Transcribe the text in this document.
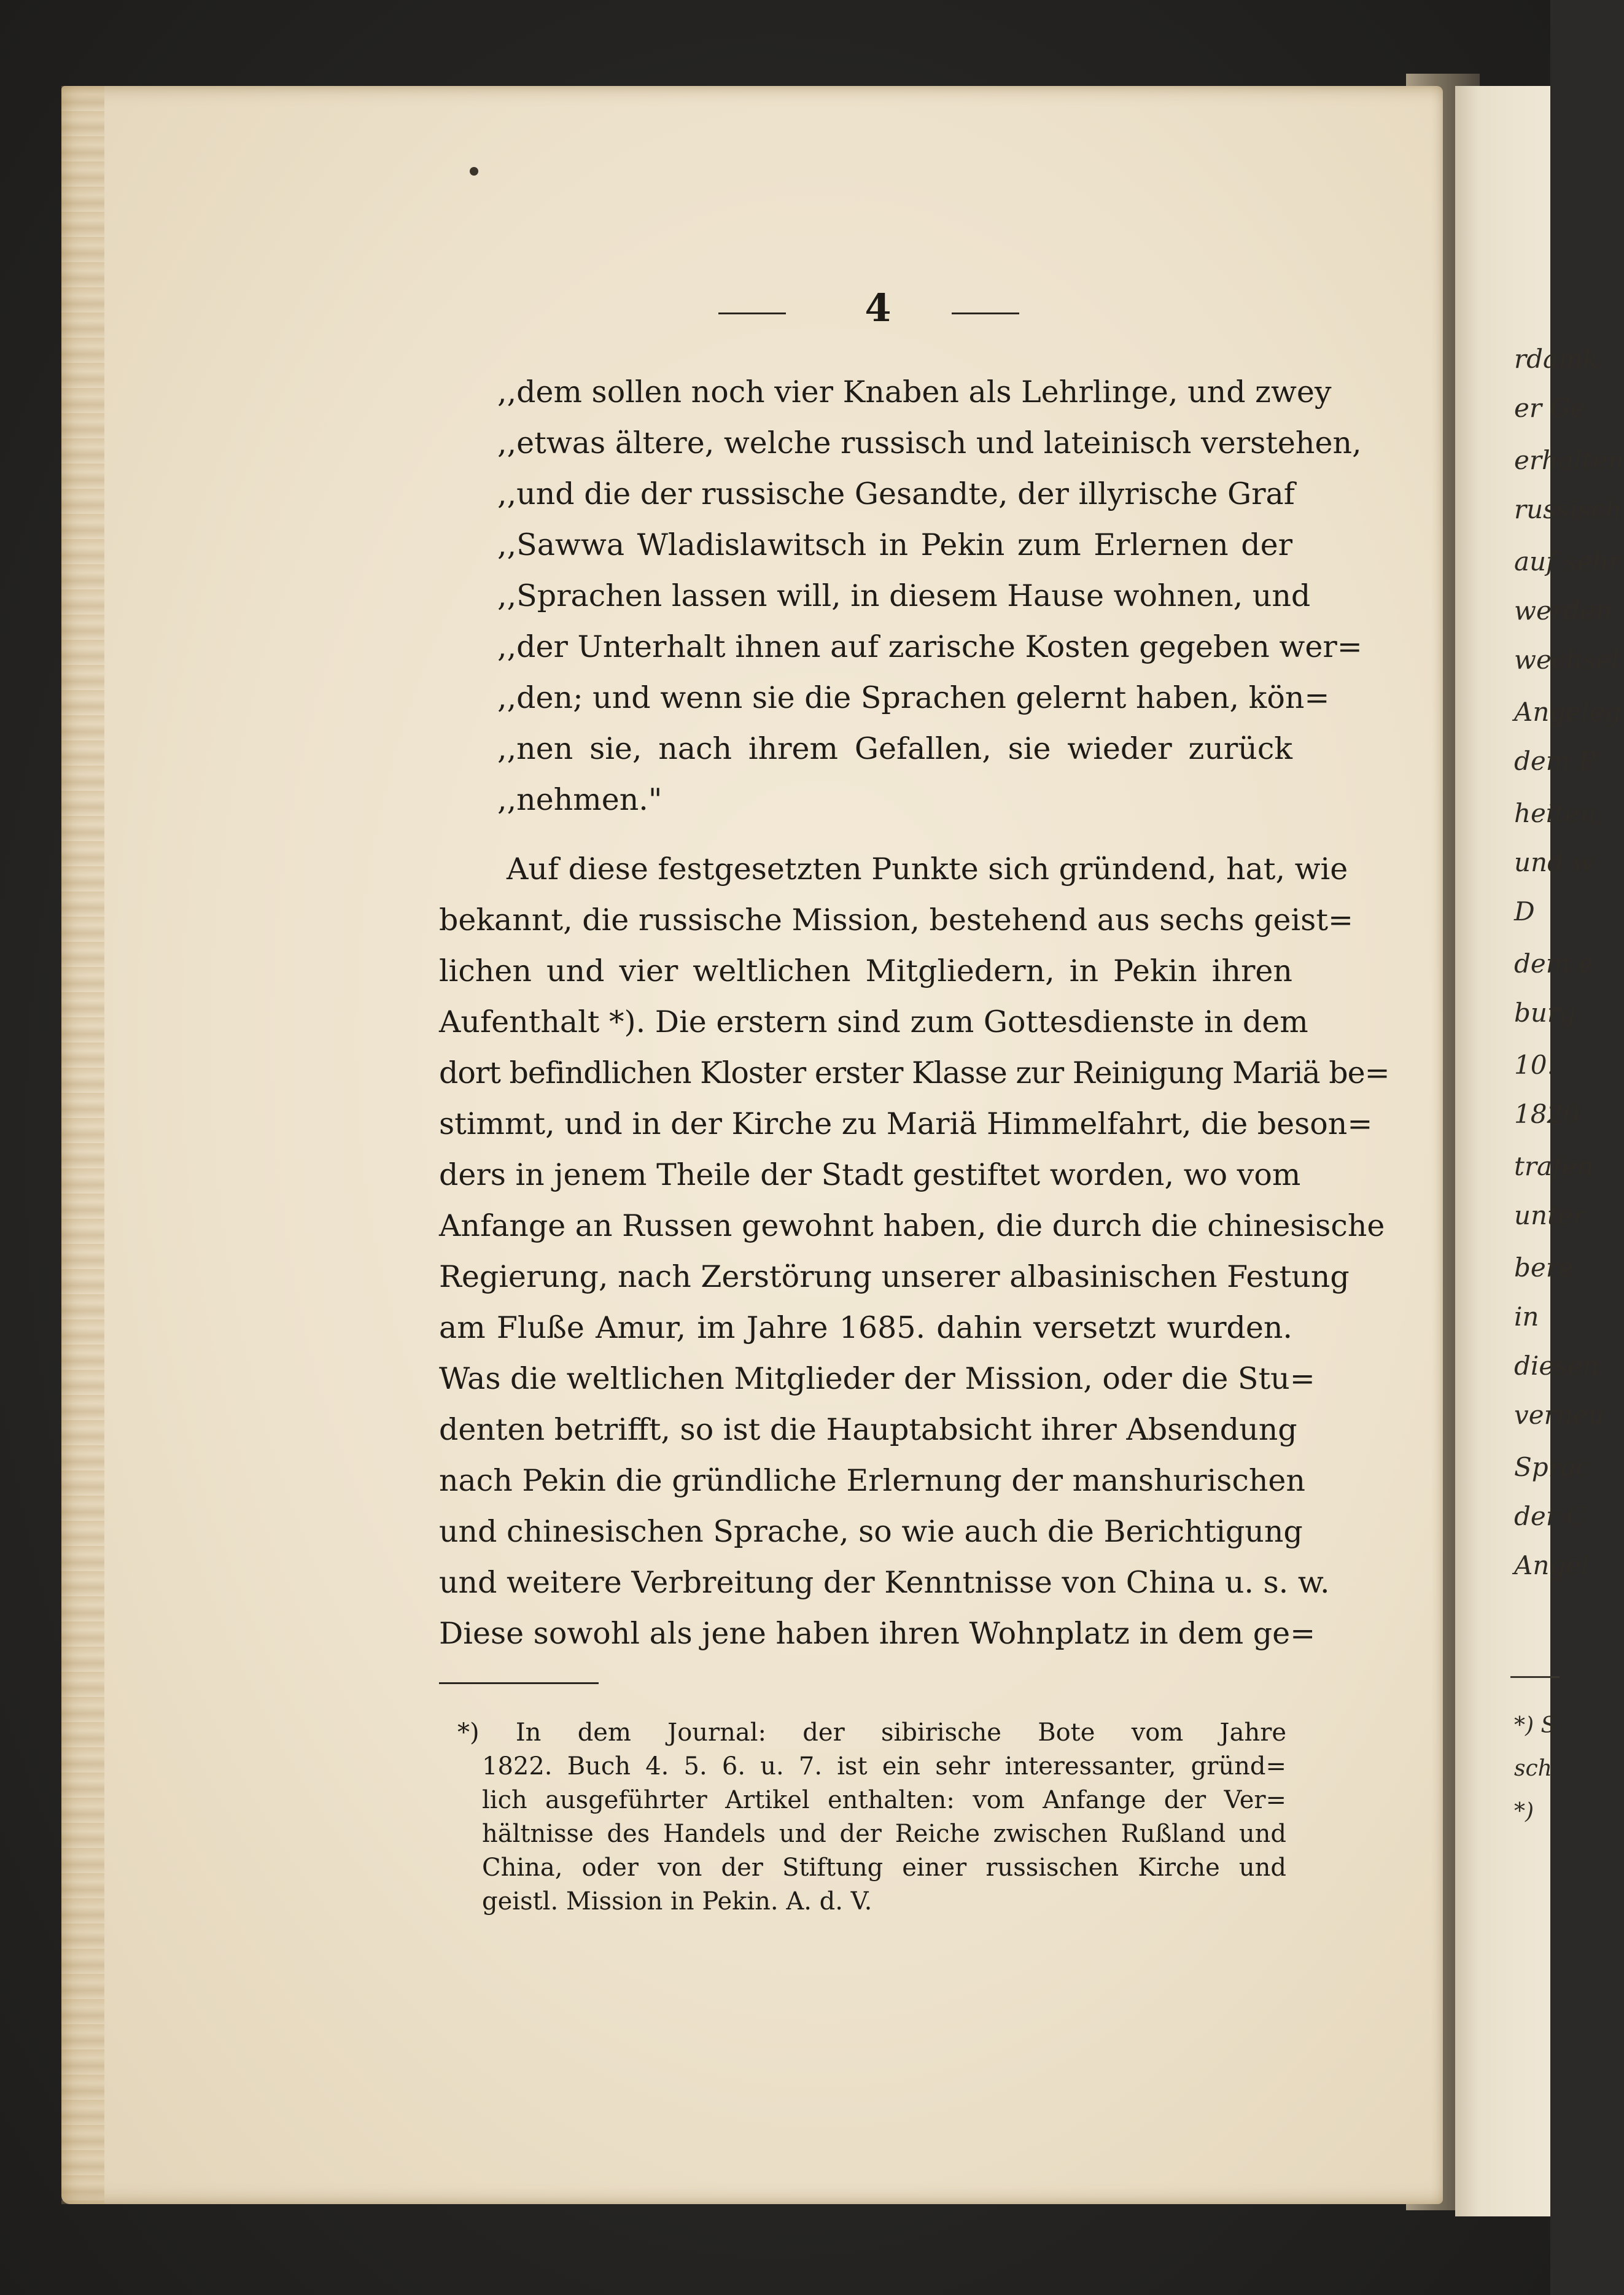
rdamk
er Ge
erhalten
russisch
auf sehr
werden
wechsel
Angeleg
dem P
heiten,
und w
D
dem e
burg
10.
1820
trafen
unter
bere
in
diesen
verneu
Sprac
der C
Angel
*) S
sch
*)
4
,,dem sollen noch vier Knaben als Lehrlinge, und zwey
,,etwas ältere, welche russisch und lateinisch verstehen,
,,und die der russische Gesandte, der illyrische Graf
,,Sawwa Wladislawitsch in Pekin zum Erlernen der
,,Sprachen lassen will, in diesem Hause wohnen, und
,,der Unterhalt ihnen auf zarische Kosten gegeben wer=
,,den; und wenn sie die Sprachen gelernt haben, kön=
,,nen sie, nach ihrem Gefallen, sie wieder zurück
,,nehmen."
Auf diese festgesetzten Punkte sich gründend, hat, wie
bekannt, die russische Mission, bestehend aus sechs geist=
lichen und vier weltlichen Mitgliedern, in Pekin ihren
Aufenthalt *). Die erstern sind zum Gottesdienste in dem
dort befindlichen Kloster erster Klasse zur Reinigung Mariä be=
stimmt, und in der Kirche zu Mariä Himmelfahrt, die beson=
ders in jenem Theile der Stadt gestiftet worden, wo vom
Anfange an Russen gewohnt haben, die durch die chinesische
Regierung, nach Zerstörung unserer albasinischen Festung
am Fluße Amur, im Jahre 1685. dahin versetzt wurden.
Was die weltlichen Mitglieder der Mission, oder die Stu=
denten betrifft, so ist die Hauptabsicht ihrer Absendung
nach Pekin die gründliche Erlernung der manshurischen
und chinesischen Sprache, so wie auch die Berichtigung
und weitere Verbreitung der Kenntnisse von China u. s. w.
Diese sowohl als jene haben ihren Wohnplatz in dem ge=
*) In dem Journal: der sibirische Bote vom Jahre
1822. Buch 4. 5. 6. u. 7. ist ein sehr interessanter, gründ=
lich ausgeführter Artikel enthalten: vom Anfange der Ver=
hältnisse des Handels und der Reiche zwischen Rußland und
China, oder von der Stiftung einer russischen Kirche und
geistl. Mission in Pekin. A. d. V.
